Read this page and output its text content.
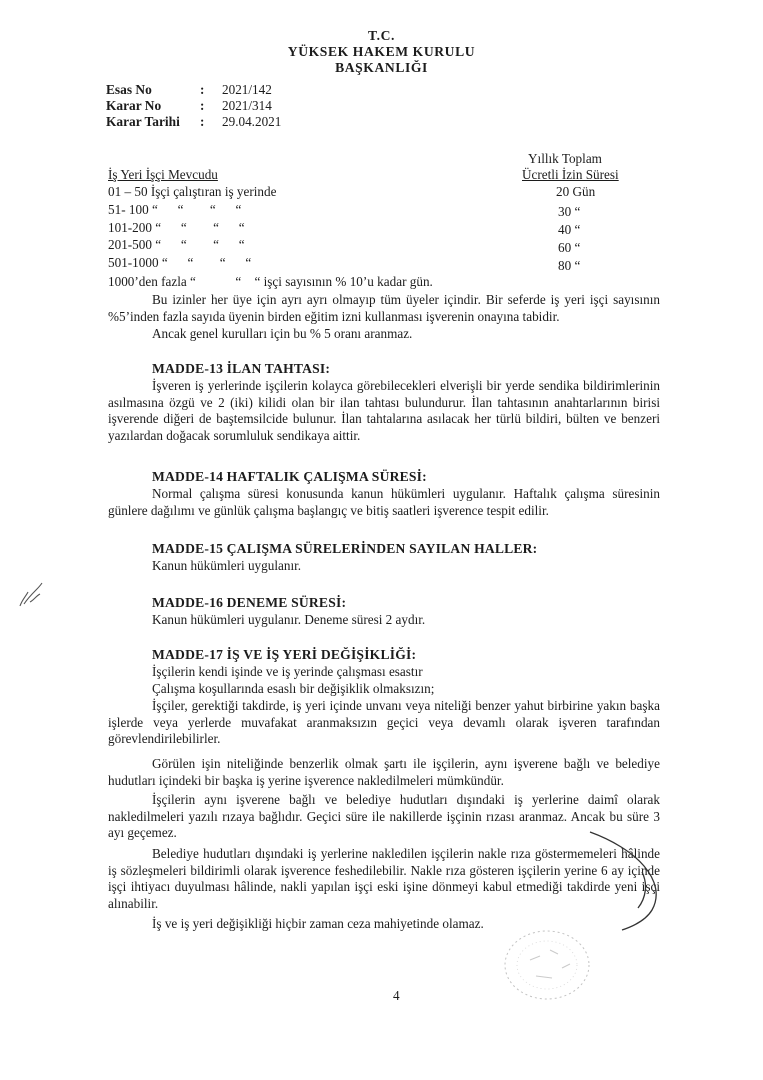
T.C.
YÜKSEK HAKEM KURULU
BAŞKANLIĞI
Esas No	: 2021/142
Karar No	: 2021/314
Karar Tarihi : 29.04.2021
Yıllık Toplam
İş Yeri İşçi Mevcudu	Ücretli İzin Süresi
01 – 50 İşçi çalıştıran iş yerinde	20 Gün
51- 100 “      “        “      “	30 “
101-200 “      “        “      “	40 “
201-500 “      “        “      “	60 “
501-1000 “      “        “      “	80 “
1000’den fazla “            “    “ işçi sayısının % 10’u kadar gün.
Bu izinler her üye için ayrı ayrı olmayıp tüm üyeler içindir. Bir seferde iş yeri işçi sayısının %5’inden fazla sayıda üyenin birden eğitim izni kullanması işverenin onayına tabidir.
Ancak genel kurulları için bu % 5 oranı aranmaz.
MADDE-13 İLAN TAHTASI:
İşveren iş yerlerinde işçilerin kolayca görebilecekleri elverişli bir yerde sendika bildirimlerinin asılmasına özgü ve 2 (iki) kilidi olan bir ilan tahtası bulundurur. İlan tahtasının anahtarlarının birisi işverende diğeri de baştemsilcide bulunur. İlan tahtalarına asılacak her türlü bildiri, bülten ve benzeri yazılardan doğacak sorumluluk sendikaya aittir.
MADDE-14 HAFTALIK ÇALIŞMA SÜRESİ:
Normal çalışma süresi konusunda kanun hükümleri uygulanır. Haftalık çalışma süresinin günlere dağılımı ve günlük çalışma başlangıç ve bitiş saatleri işverence tespit edilir.
MADDE-15 ÇALIŞMA SÜRELERİNDEN SAYILAN HALLER:
Kanun hükümleri uygulanır.
MADDE-16 DENEME SÜRESİ:
Kanun hükümleri uygulanır. Deneme süresi 2 aydır.
MADDE-17 İŞ VE İŞ YERİ DEĞİŞİKLİĞİ:
İşçilerin kendi işinde ve iş yerinde çalışması esastır
Çalışma koşullarında esaslı bir değişiklik olmaksızın;
İşçiler, gerektiği takdirde, iş yeri içinde unvanı veya niteliği benzer yahut birbirine yakın başka işlerde veya yerlerde muvafakat aranmaksızın geçici veya devamlı olarak işveren tarafından görevlendirilebilirler.
Görülen işin niteliğinde benzerlik olmak şartı ile işçilerin, aynı işverene bağlı ve belediye hudutları içindeki bir başka iş yerine işverence nakledilmeleri mümkündür.
İşçilerin aynı işverene bağlı ve belediye hudutları dışındaki iş yerlerine daimî olarak nakledilmeleri yazılı rızaya bağlıdır. Geçici süre ile nakillerde işçinin rızası aranmaz. Ancak bu süre 3 ayı geçemez.
Belediye hudutları dışındaki iş yerlerine nakledilen işçilerin nakle rıza göstermemeleri hâlinde iş sözleşmeleri bildirimli olarak işverence feshedilebilir. Nakle rıza gösteren işçilerin yerine 6 ay içinde işçi ihtiyacı duyulması hâlinde, nakli yapılan işçi eski işine dönmeyi kabul etmediği takdirde yeni işçi alınabilir.
İş ve iş yeri değişikliği hiçbir zaman ceza mahiyetinde olamaz.
4
